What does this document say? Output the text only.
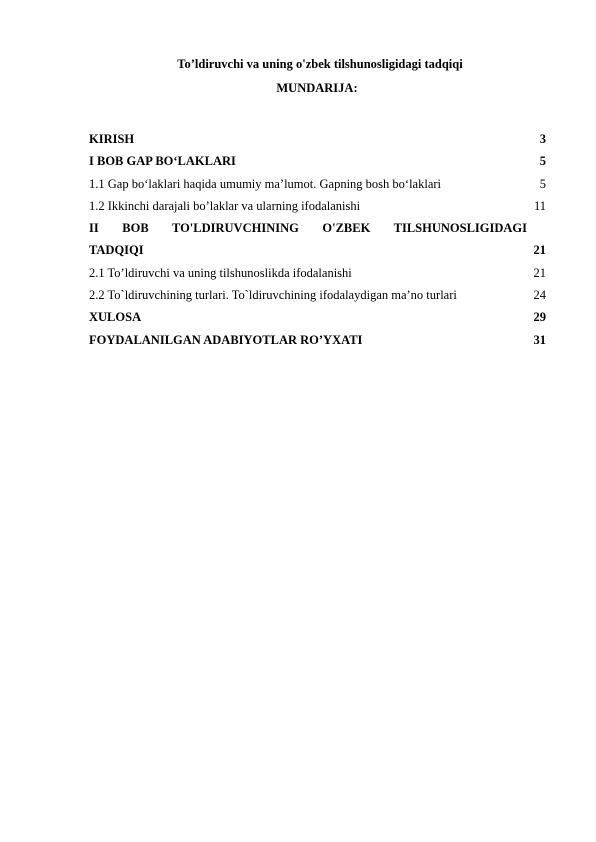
To’ldiruvchi va uning o'zbek tilshunosligidagi tadqiqi
MUNDARIJA:
KIRISH	3
I BOB GAP BO‘LAKLARI	5
1.1 Gap bo‘laklari haqida umumiy ma’lumot. Gapning bosh bo‘laklari	5
1.2 Ikkinchi darajali bo’laklar va ularning ifodalanishi	11
II BOB TO'LDIRUVCHINING O'ZBEK TILSHUNOSLIGIDAGI
TADQIQI	21
2.1 To’ldiruvchi va uning tilshunoslikda ifodalanishi	21
2.2 To`ldiruvchining turlari. To`ldiruvchining ifodalaydigan ma’no turlari	24
XULOSA	29
FOYDALANILGAN ADABIYOTLAR RO’YXATI	31
